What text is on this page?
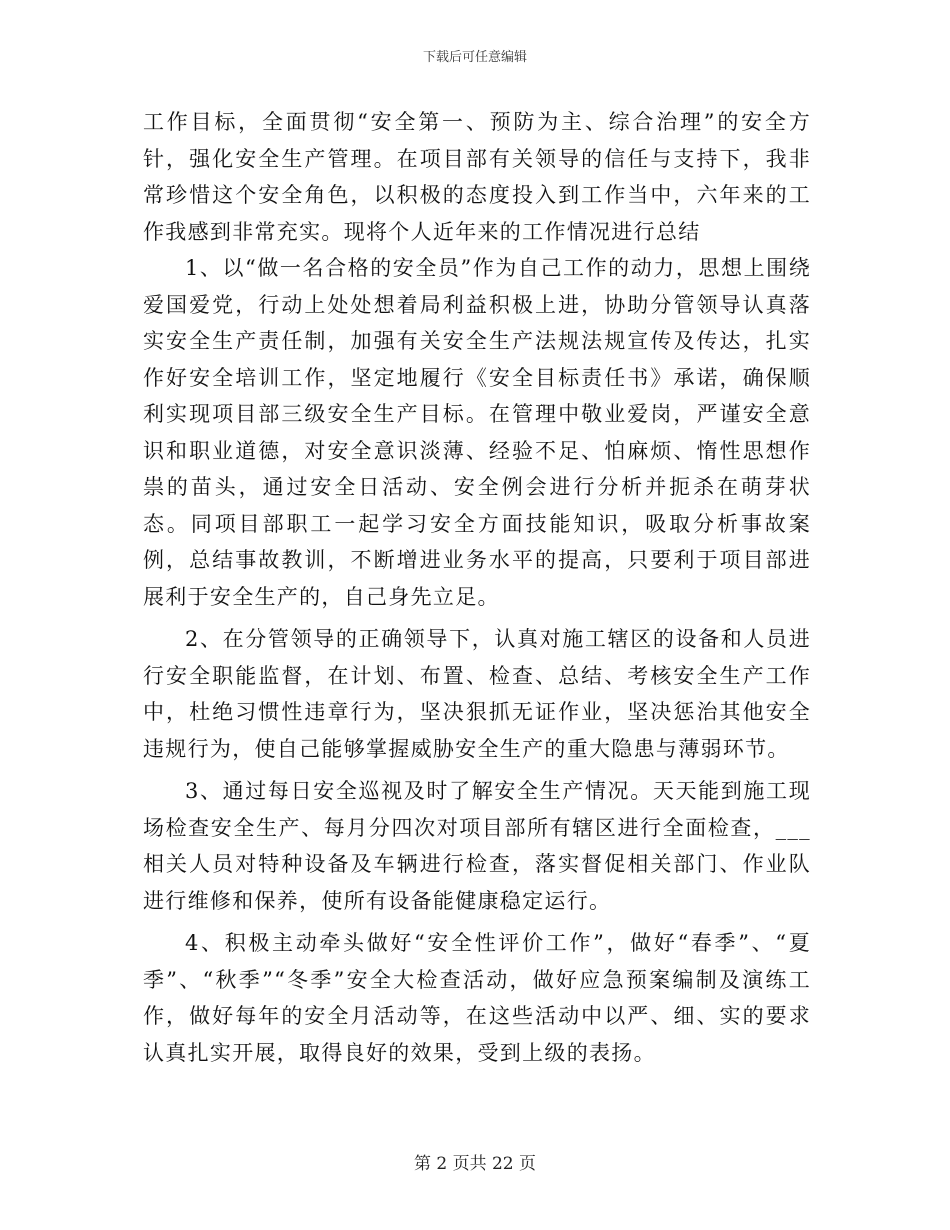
下载后可任意编辑

工作目标，全面贯彻“安全第一、预防为主、综合治理”的安全方针，强化安全生产管理。在项目部有关领导的信任与支持下，我非常珍惜这个安全角色，以积极的态度投入到工作当中，六年来的工作我感到非常充实。现将个人近年来的工作情况进行总结

1、以“做一名合格的安全员”作为自己工作的动力，思想上围绕爱国爱党，行动上处处想着局利益积极上进，协助分管领导认真落实安全生产责任制，加强有关安全生产法规法规宣传及传达，扎实作好安全培训工作，坚定地履行《安全目标责任书》承诺，确保顺利实现项目部三级安全生产目标。在管理中敬业爱岗，严谨安全意识和职业道德，对安全意识淡薄、经验不足、怕麻烦、惰性思想作祟的苗头，通过安全日活动、安全例会进行分析并扼杀在萌芽状态。同项目部职工一起学习安全方面技能知识，吸取分析事故案例，总结事故教训，不断增进业务水平的提高，只要利于项目部进展利于安全生产的，自己身先立足。

2、在分管领导的正确领导下，认真对施工辖区的设备和人员进行安全职能监督，在计划、布置、检查、总结、考核安全生产工作中，杜绝习惯性违章行为，坚决狠抓无证作业，坚决惩治其他安全违规行为，使自己能够掌握威胁安全生产的重大隐患与薄弱环节。

3、通过每日安全巡视及时了解安全生产情况。天天能到施工现场检查安全生产、每月分四次对项目部所有辖区进行全面检查，___相关人员对特种设备及车辆进行检查，落实督促相关部门、作业队进行维修和保养，使所有设备能健康稳定运行。

4、积极主动牵头做好“安全性评价工作”，做好“春季”、“夏季”、“秋季”“冬季”安全大检查活动，做好应急预案编制及演练工作，做好每年的安全月活动等，在这些活动中以严、细、实的要求认真扎实开展，取得良好的效果，受到上级的表扬。

第 2 页共 22 页
